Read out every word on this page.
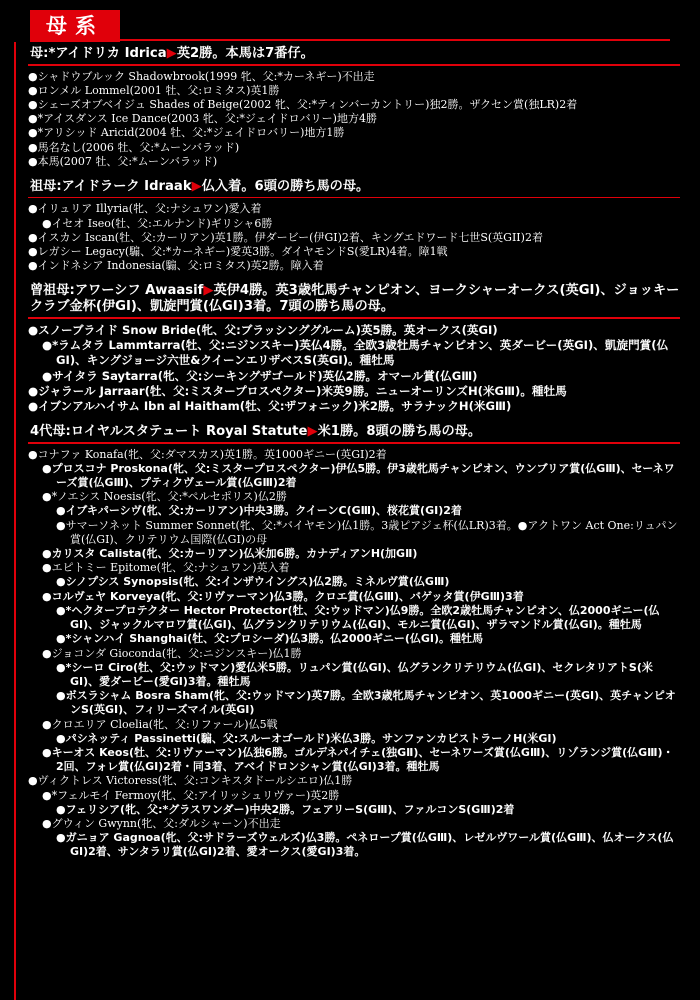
母系
母:*アイドリカ Idrica▶英2勝。本馬は7番仔。
●シャドウブルック Shadowbrook(1999 牝、父:*カーネギー)不出走
●ロンメル Lommel(2001 牡、父:ロミタス)英1勝
●シェーズオブベイジュ Shades of Beige(2002 牝、父:*ティンバーカントリー)独2勝。ザクセン賞(独LR)2着
●*アイスダンス Ice Dance(2003 牝、父:*ジェイドロバリー)地方4勝
●*アリシッド Aricid(2004 牡、父:*ジェイドロバリー)地方1勝
●馬名なし(2006 牡、父:*ムーンバラッド)
●本馬(2007 牡、父:*ムーンバラッド)
祖母:アイドラーク Idraak▶仏入着。6頭の勝ち馬の母。
●イリュリア Illyria(牝、父:ナシュワン)愛入着
●イセオ Iseo(牡、父:エルナンド)ギリシャ6勝
●イスカン Iscan(牡、父:カーリアン)英1勝。伊ダービー(伊GI)2着、キングエドワード七世S(英GII)2着
●レガシー Legacy(騸、父:*カーネギー)愛英3勝。ダイヤモンドS(愛LR)4着。障1戦
●インドネシア Indonesia(騸、父:ロミタス)英2勝。障入着
曾祖母:アワーシフ Awaasif▶英伊4勝。英3歳牝馬チャンピオン、ヨークシャーオークス(英GI)、ジョッキークラブ金杯(伊GI)、凱旋門賞(仏GI)3着。7頭の勝ち馬の母。
●スノーブライド Snow Bride(牝、父:ブラッシンググルーム)英5勝。英オークス(英GI)
●*ラムタラ Lammtarra(牡、父:ニジンスキー)英仏4勝。全欧3歳牡馬チャンピオン、英ダービー(英GI)、凱旋門賞(仏GI)、キングジョージ六世&クイーンエリザベスS(英GI)。種牡馬
●サイタラ Saytarra(牝、父:シーキングザゴールド)英仏2勝。オマール賞(仏GⅢ)
●ジャラール Jarraar(牡、父:ミスタープロスペクター)米英9勝。ニューオーリンズH(米GⅢ)。種牡馬
●イブンアルハイサム Ibn al Haitham(牡、父:ザフォニック)米2勝。サラナックH(米GⅢ)
4代母:ロイヤルスタテュート Royal Statute▶米1勝。8頭の勝ち馬の母。
●コナファ Konafa(牝、父:ダマスカス)英1勝。英1000ギニー(英GI)2着
●プロスコナ Proskona(牝、父:ミスタープロスペクター)伊仏5勝。伊3歳牝馬チャンピオン、ウンブリア賞(仏GⅢ)、セーネワーズ賞(仏GⅢ)、プティクヴェール賞(仏GⅢ)2着
●*ノエシス Noesis(牝、父:*ペルセポリス)仏2勝
●イブキパーシヴ(牝、父:カーリアン)中央3勝。クイーンC(GⅢ)、桜花賞(GI)2着
●サマーソネット Summer Sonnet(牝、父:*バイヤモン)仏1勝。3歳ピアジェ杯(仏LR)3着。●アクトワン Act One:リュパン賞(仏GI)、クリテリウム国際(仏GI)の母
●カリスタ Calista(牝、父:カーリアン)仏米加6勝。カナディアンH(加GⅡ)
●エピトミー Epitome(牝、父:ナシュワン)英入着
●シノプシス Synopsis(牝、父:インザウイングス)仏2勝。ミネルヴ賞(仏GⅢ)
●コルヴェヤ Korveya(牝、父:リヴァーマン)仏3勝。クロエ賞(仏GⅢ)、バゲッタ賞(伊GⅢ)3着
●*ヘクタープロテクター Hector Protector(牡、父:ウッドマン)仏9勝。全欧2歳牡馬チャンピオン、仏2000ギニー(仏GI)、ジャックルマロワ賞(仏GI)、仏グランクリテリウム(仏GI)、モルニ賞(仏GI)、ザラマンドル賞(仏GI)。種牡馬
●*シャンハイ Shanghai(牡、父:プロシーダ)仏3勝。仏2000ギニー(仏GI)。種牡馬
●ジョコンダ Gioconda(牝、父:ニジンスキー)仏1勝
●*シーロ Ciro(牡、父:ウッドマン)愛仏米5勝。リュパン賞(仏GI)、仏グランクリテリウム(仏GI)、セクレタリアトS(米GI)、愛ダービー(愛GI)3着。種牡馬
●ボスラシャム Bosra Sham(牝、父:ウッドマン)英7勝。全欧3歳牝馬チャンピオン、英1000ギニー(英GI)、英チャンピオンS(英GI)、フィリーズマイル(英GI)
●クロエリア Cloelia(牝、父:リファール)仏5戦
●パシネッティ Passinetti(騸、父:スルーオゴールド)米仏3勝。サンファンカピストラーノH(米GI)
●キーオス Keos(牡、父:リヴァーマン)仏独6勝。ゴルデネパイチェ(独GⅡ)、セーネワーズ賞(仏GⅢ)、リゾランジ賞(仏GⅢ)・2回、フォレ賞(仏GI)2着・同3着、アベイドロンシャン賞(仏GI)3着。種牡馬
●ヴィクトレス Victoress(牝、父:コンキスタドールシエロ)仏1勝
●*フェルモイ Fermoy(牝、父:アイリッシュリヴァー)英2勝
●フェリシア(牝、父:*グラスワンダー)中央2勝。フェアリーS(GⅢ)、ファルコンS(GⅢ)2着
●グウィン Gwynn(牝、父:ダルシャーン)不出走
●ガニョア Gagnoa(牝、父:サドラーズウェルズ)仏3勝。ペネロープ賞(仏GⅢ)、レゼルヴワール賞(仏GⅢ)、仏オークス(仏GI)2着、サンタラリ賞(仏GI)2着、愛オークス(愛GI)3着。
